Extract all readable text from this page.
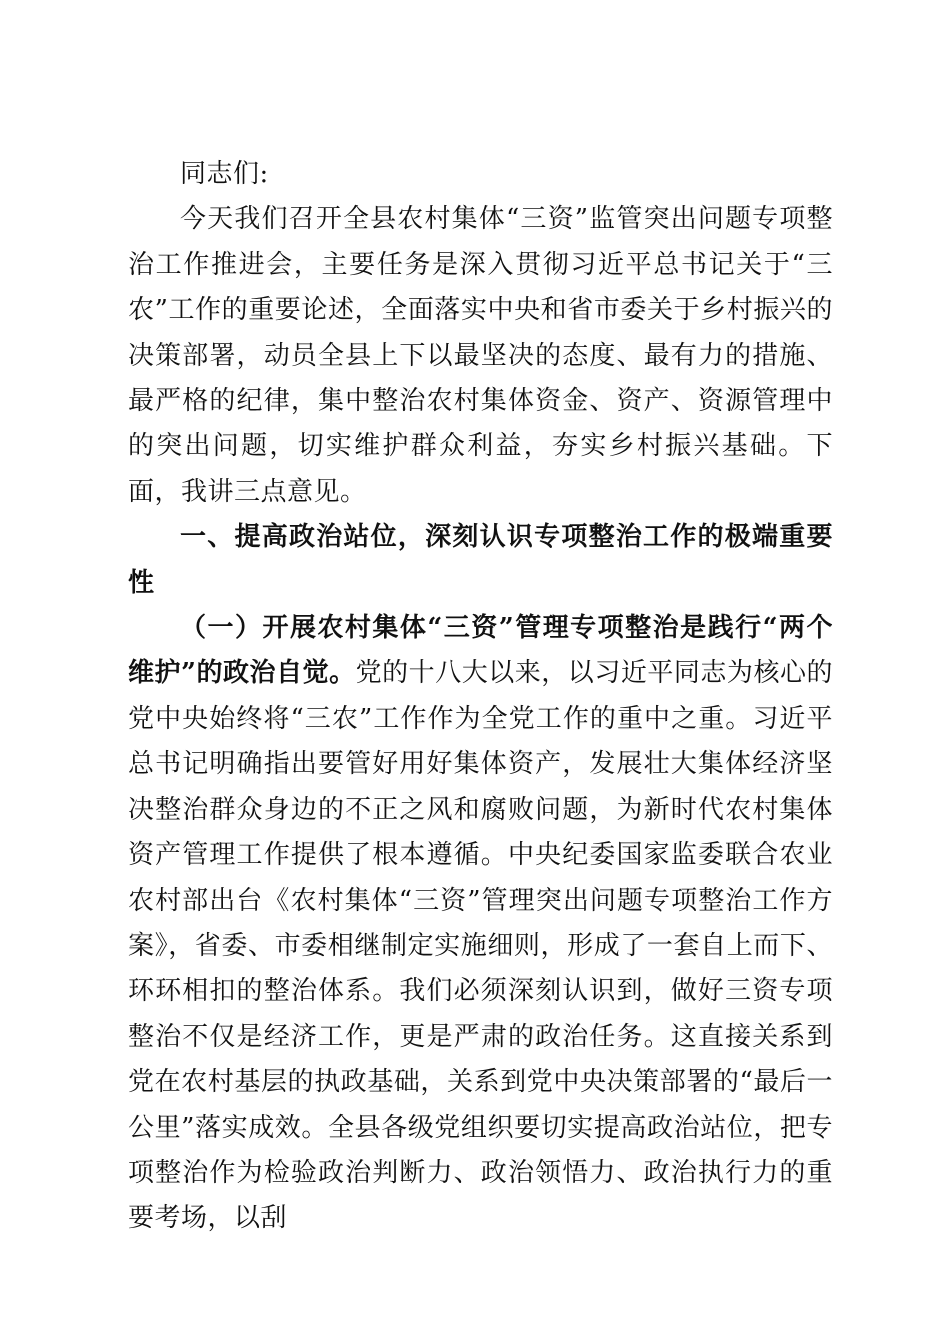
同志们:

今天我们召开全县农村集体“三资”监管突出问题专项整治工作推进会，主要任务是深入贯彻习近平总书记关于“三农”工作的重要论述，全面落实中央和省市委关于乡村振兴的决策部署，动员全县上下以最坚决的态度、最有力的措施、最严格的纪律，集中整治农村集体资金、资产、资源管理中的突出问题，切实维护群众利益，夯实乡村振兴基础。下面，我讲三点意见。

一、提高政治站位，深刻认识专项整治工作的极端重要性

（一）开展农村集体“三资”管理专项整治是践行“两个维护”的政治自觉。党的十八大以来，以习近平同志为核心的党中央始终将“三农”工作作为全党工作的重中之重。习近平总书记明确指出要管好用好集体资产，发展壮大集体经济坚决整治群众身边的不正之风和腐败问题，为新时代农村集体资产管理工作提供了根本遵循。中央纪委国家监委联合农业农村部出台《农村集体“三资”管理突出问题专项整治工作方案》，省委、市委相继制定实施细则，形成了一套自上而下、环环相扣的整治体系。我们必须深刻认识到，做好三资专项整治不仅是经济工作，更是严肃的政治任务。这直接关系到党在农村基层的执政基础，关系到党中央决策部署的“最后一公里”落实成效。全县各级党组织要切实提高政治站位，把专项整治作为检验政治判断力、政治领悟力、政治执行力的重要考场，以刮
